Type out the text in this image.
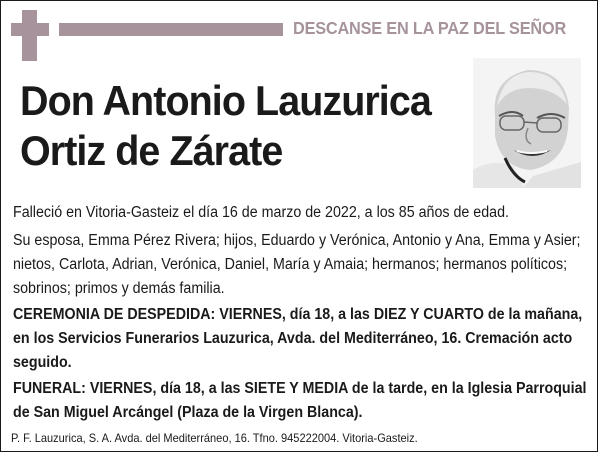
DESCANSE EN LA PAZ DEL SEÑOR
Don Antonio Lauzurica
Ortiz de Zárate
Falleció en Vitoria-Gasteiz el día 16 de marzo de 2022, a los 85 años de edad.
Su esposa, Emma Pérez Rivera; hijos, Eduardo y Verónica, Antonio y Ana, Emma y Asier; nietos, Carlota, Adrian, Verónica, Daniel, María y Amaia; hermanos; hermanos políticos; sobrinos; primos y demás familia.
CEREMONIA DE DESPEDIDA: VIERNES, día 18, a las DIEZ Y CUARTO de la mañana, en los Servicios Funerarios Lauzurica, Avda. del Mediterráneo, 16. Cremación acto seguido.
FUNERAL: VIERNES, día 18, a las SIETE Y MEDIA de la tarde, en la Iglesia Parroquial de San Miguel Arcángel (Plaza de la Virgen Blanca).
P. F. Lauzurica, S. A. Avda. del Mediterráneo, 16. Tfno. 945222004. Vitoria-Gasteiz.
